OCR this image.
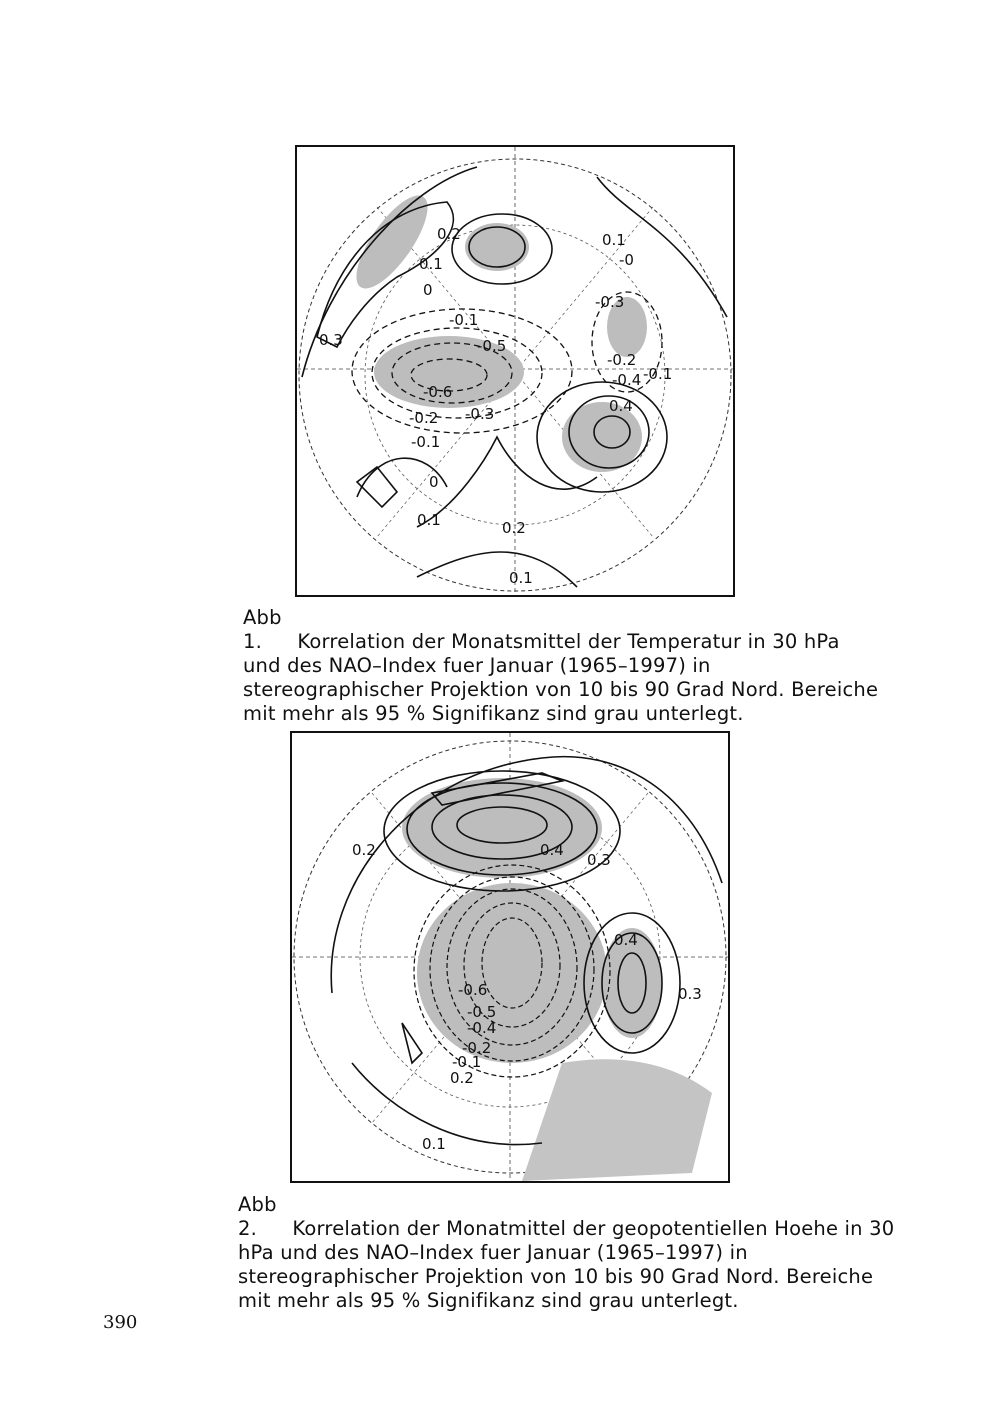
0.2
0.1
0.1
-0
0
-0.3
0.3
-0.1
-0.5
-0.2
-0.1
-0.6
-0.4
-0.2 -0.3
-0.1
0.4
0
0.1	0.2
0.1

Abb 1. Korrelation der Monatsmittel der Temperatur in 30 hPa und des NAO–Index fuer Januar (1965–1997) in stereographischer Projektion von 10 bis 90 Grad Nord. Bereiche mit mehr als 95 % Signifikanz sind grau unterlegt.

0.2	0.4
0.3
0.4
0.3
-0.6
-0.5
-0.4
-0.2
-0.1
0.2
0.1

Abb 2. Korrelation der Monatmittel der geopotentiellen Hoehe in 30 hPa und des NAO–Index fuer Januar (1965–1997) in stereographischer Projektion von 10 bis 90 Grad Nord. Bereiche mit mehr als 95 % Signifikanz sind grau unterlegt.

390
